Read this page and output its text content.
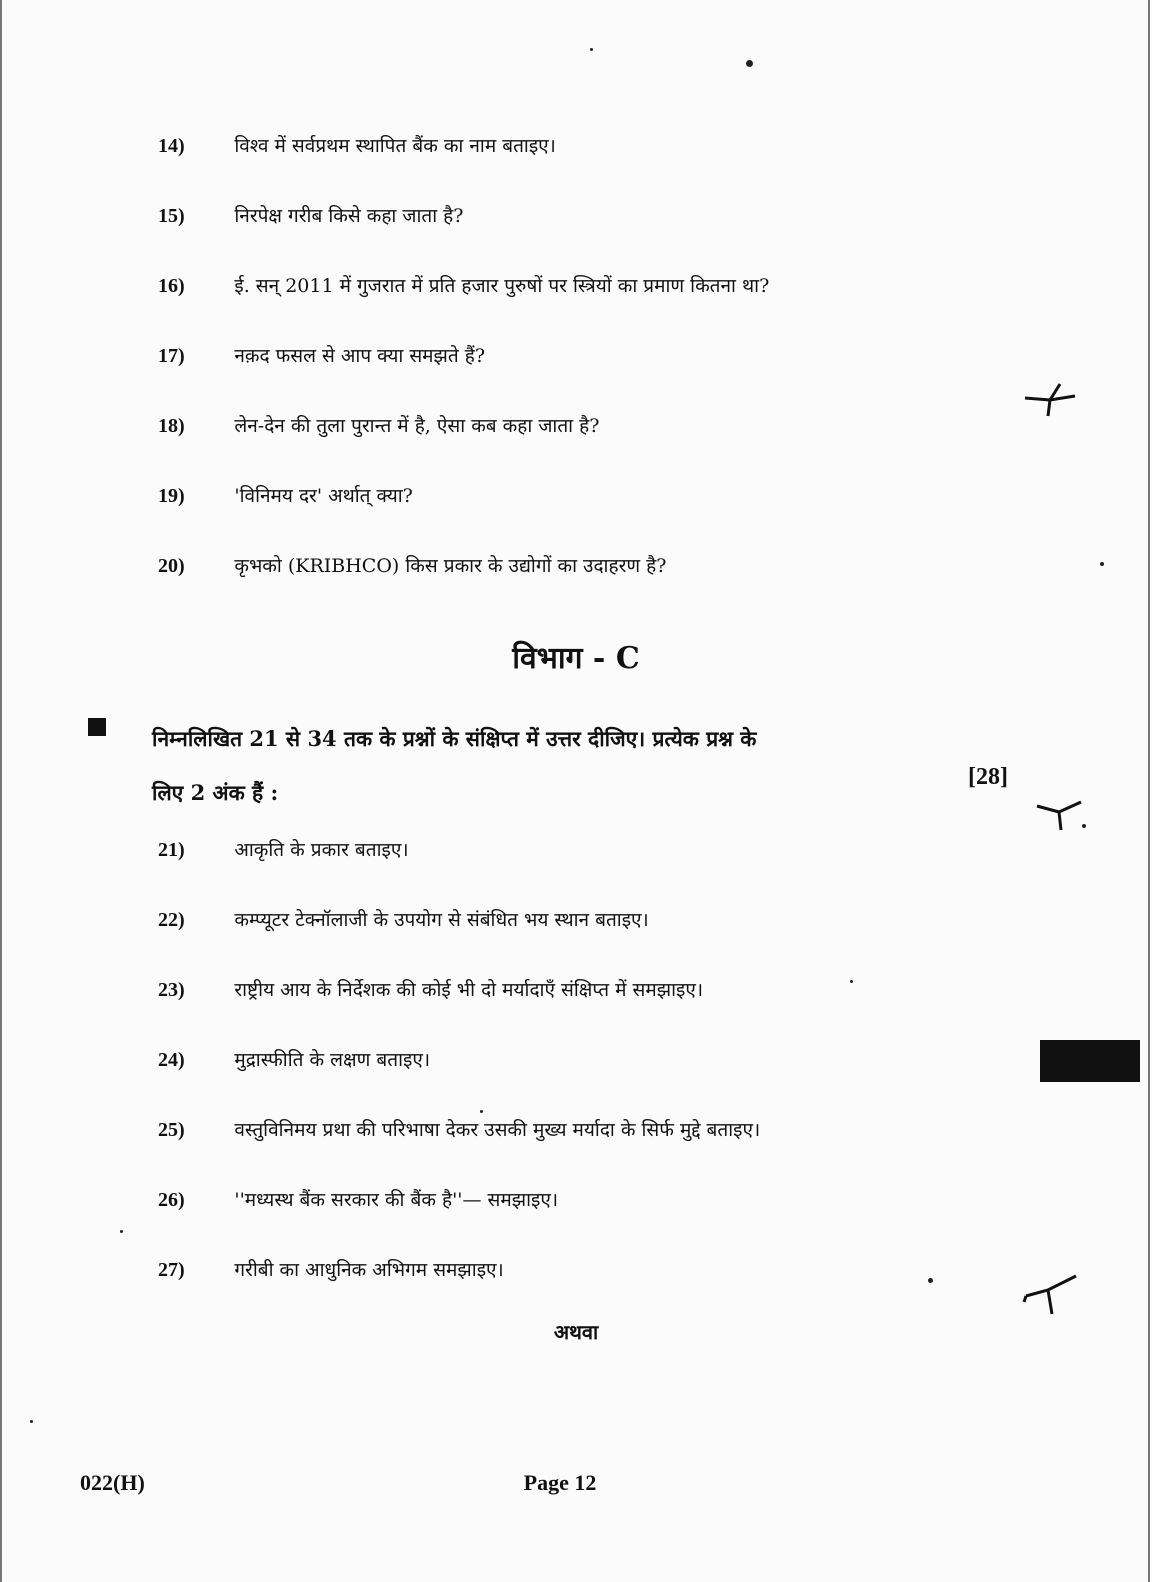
14)	विश्व में सर्वप्रथम स्थापित बैंक का नाम बताइए।
15)	निरपेक्ष गरीब किसे कहा जाता है?
16)	ई. सन् 2011 में गुजरात में प्रति हजार पुरुषों पर स्त्रियों का प्रमाण कितना था?
17)	नक़द फसल से आप क्या समझते हैं?
18)	लेन-देन की तुला पुरान्त में है, ऐसा कब कहा जाता है?
19)	'विनिमय दर' अर्थात् क्या?
20)	कृभको (KRIBHCO) किस प्रकार के उद्योगों का उदाहरण है?
विभाग - C
निम्नलिखित 21 से 34 तक के प्रश्नों के संक्षिप्त में उत्तर दीजिए। प्रत्येक प्रश्न के
लिए 2 अंक हैं :
[28]
21)	आकृति के प्रकार बताइए।
22)	कम्प्यूटर टेक्नॉलाजी के उपयोग से संबंधित भय स्थान बताइए।
23)	राष्ट्रीय आय के निर्देशक की कोई भी दो मर्यादाएँ संक्षिप्त में समझाइए।
24)	मुद्रास्फीति के लक्षण बताइए।
25)	वस्तुविनिमय प्रथा की परिभाषा देकर उसकी मुख्य मर्यादा के सिर्फ मुद्दे बताइए।
26)	''मध्यस्थ बैंक सरकार की बैंक है''— समझाइए।
27)	गरीबी का आधुनिक अभिगम समझाइए।
अथवा
022(H)	Page 12
